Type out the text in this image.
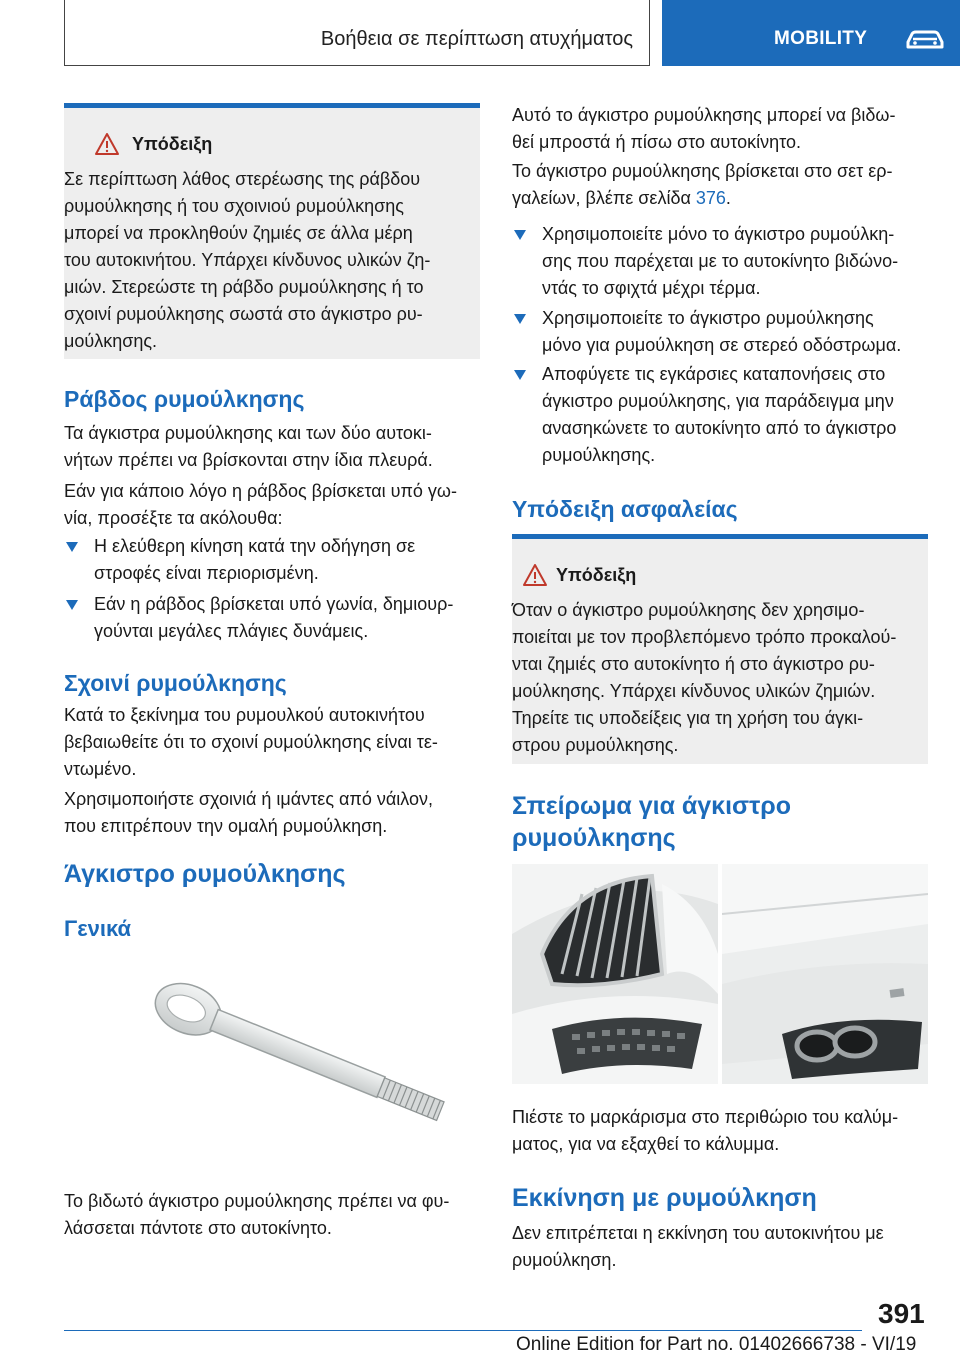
Βοήθεια σε περίπτωση ατυχήματος	MOBILITY
Υπόδειξη

Σε περίπτωση λάθος στερέωσης της ράβδου

ρυμούλκησης ή του σχοινιού ρυμούλκησης

μπορεί να προκληθούν ζημιές σε άλλα μέρη

του αυτοκινήτου. Υπάρχει κίνδυνος υλικών ζη-

μιών. Στερεώστε τη ράβδο ρυμούλκησης ή το

σχοινί ρυμούλκησης σωστά στο άγκιστρο ρυ-

μούλκησης.

Ράβδος ρυμούλκησης

Τα άγκιστρα ρυμούλκησης και των δύο αυτοκι-

νήτων πρέπει να βρίσκονται στην ίδια πλευρά.

Εάν για κάποιο λόγο η ράβδος βρίσκεται υπό γω-

νία, προσέξτε τα ακόλουθα:

Η ελεύθερη κίνηση κατά την οδήγηση σε

στροφές είναι περιορισμένη.

Εάν η ράβδος βρίσκεται υπό γωνία, δημιουρ-

γούνται μεγάλες πλάγιες δυνάμεις.

Σχοινί ρυμούλκησης

Κατά το ξεκίνημα του ρυμουλκού αυτοκινήτου

βεβαιωθείτε ότι το σχοινί ρυμούλκησης είναι τε-

ντωμένο.

Χρησιμοποιήστε σχοινιά ή ιμάντες από νάιλον,

που επιτρέπουν την ομαλή ρυμούλκηση.

Άγκιστρο ρυμούλκησης
Γενικά

Το βιδωτό άγκιστρο ρυμούλκησης πρέπει να φυ-

λάσσεται πάντοτε στο αυτοκίνητο.

Αυτό το άγκιστρο ρυμούλκησης μπορεί να βιδω-

θεί μπροστά ή πίσω στο αυτοκίνητο.

Το άγκιστρο ρυμούλκησης βρίσκεται στο σετ ερ-

γαλείων, βλέπε σελίδα 376.

Χρησιμοποιείτε μόνο το άγκιστρο ρυμούλκη-

σης που παρέχεται με το αυτοκίνητο βιδώνο-

ντάς το σφιχτά μέχρι τέρμα.

Χρησιμοποιείτε το άγκιστρο ρυμούλκησης

μόνο για ρυμούλκηση σε στερεό οδόστρωμα.

Αποφύγετε τις εγκάρσιες καταπονήσεις στο

άγκιστρο ρυμούλκησης, για παράδειγμα μην

ανασηκώνετε το αυτοκίνητο από το άγκιστρο

ρυμούλκησης.

Υπόδειξη ασφαλείας
Υπόδειξη

Όταν ο άγκιστρο ρυμούλκησης δεν χρησιμο-

ποιείται με τον προβλεπόμενο τρόπο προκαλού-

νται ζημιές στο αυτοκίνητο ή στο άγκιστρο ρυ-

μούλκησης. Υπάρχει κίνδυνος υλικών ζημιών.

Τηρείτε τις υποδείξεις για τη χρήση του άγκι-

στρου ρυμούλκησης.

Σπείρωμα για άγκιστρο
ρυμούλκησης

Πιέστε το μαρκάρισμα στο περιθώριο του καλύμ-

ματος, για να εξαχθεί το κάλυμμα.

Εκκίνηση με ρυμούλκηση

Δεν επιτρέπεται η εκκίνηση του αυτοκινήτου με

ρυμούλκηση.

391
Online Edition for Part no. 01402666738 - VI/19
